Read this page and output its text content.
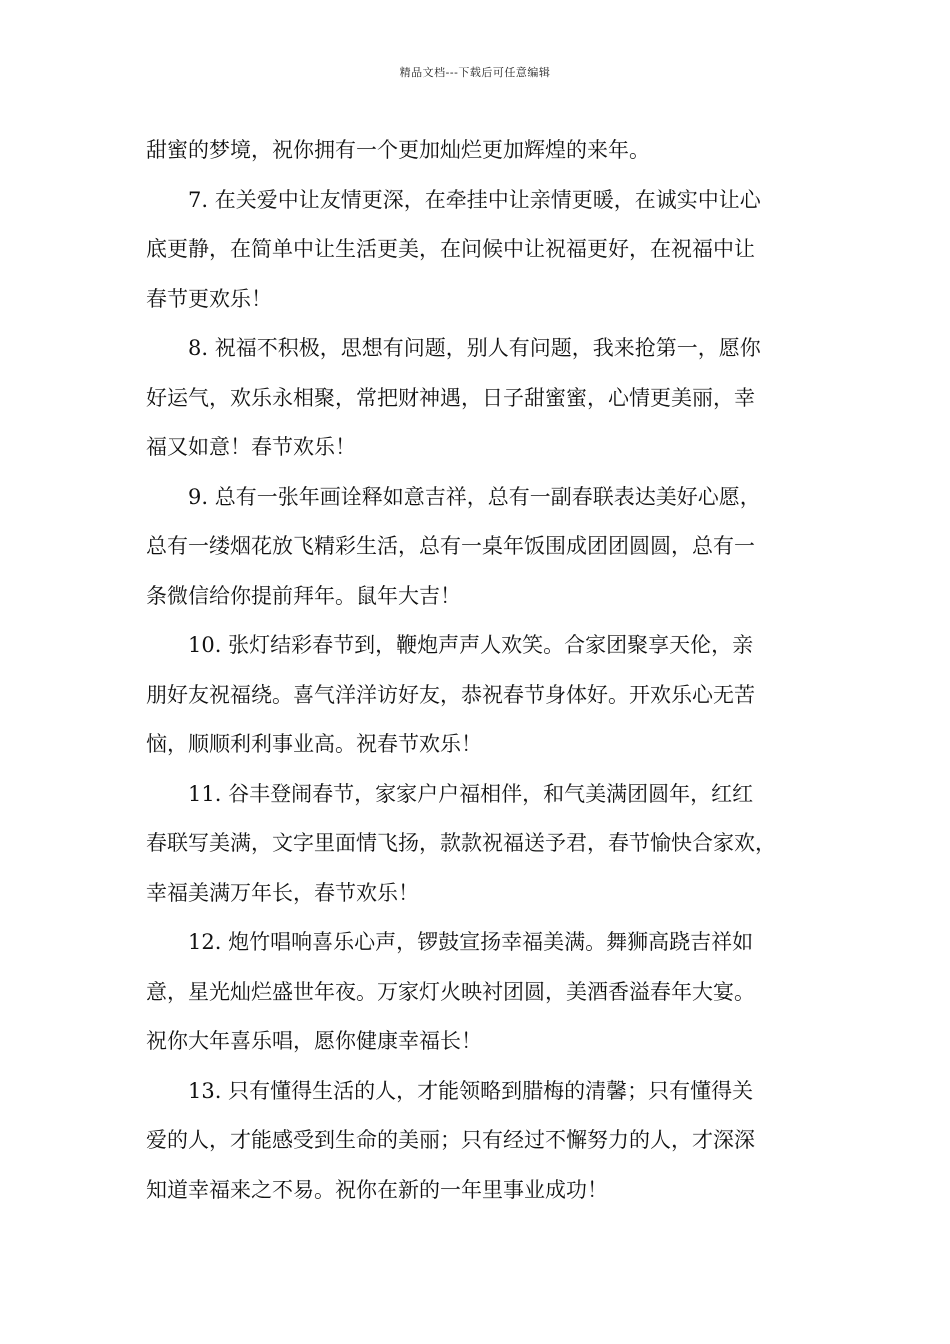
精品文档---下载后可任意编辑
甜蜜的梦境，祝你拥有一个更加灿烂更加辉煌的来年。
7. 在关爱中让友情更深，在牵挂中让亲情更暖，在诚实中让心
底更静，在简单中让生活更美，在问候中让祝福更好，在祝福中让
春节更欢乐！
8. 祝福不积极，思想有问题，别人有问题，我来抢第一，愿你
好运气，欢乐永相聚，常把财神遇，日子甜蜜蜜，心情更美丽，幸
福又如意！春节欢乐！
9. 总有一张年画诠释如意吉祥，总有一副春联表达美好心愿，
总有一缕烟花放飞精彩生活，总有一桌年饭围成团团圆圆，总有一
条微信给你提前拜年。鼠年大吉！
10. 张灯结彩春节到，鞭炮声声人欢笑。合家团聚享天伦，亲
朋好友祝福绕。喜气洋洋访好友，恭祝春节身体好。开欢乐心无苦
恼，顺顺利利事业高。祝春节欢乐！
11. 谷丰登闹春节，家家户户福相伴，和气美满团圆年，红红
春联写美满，文字里面情飞扬，款款祝福送予君，春节愉快合家欢，
幸福美满万年长，春节欢乐！
12. 炮竹唱响喜乐心声，锣鼓宣扬幸福美满。舞狮高跷吉祥如
意，星光灿烂盛世年夜。万家灯火映衬团圆，美酒香溢春年大宴。
祝你大年喜乐唱，愿你健康幸福长！
13. 只有懂得生活的人，才能领略到腊梅的清馨；只有懂得关
爱的人，才能感受到生命的美丽；只有经过不懈努力的人，才深深
知道幸福来之不易。祝你在新的一年里事业成功！
